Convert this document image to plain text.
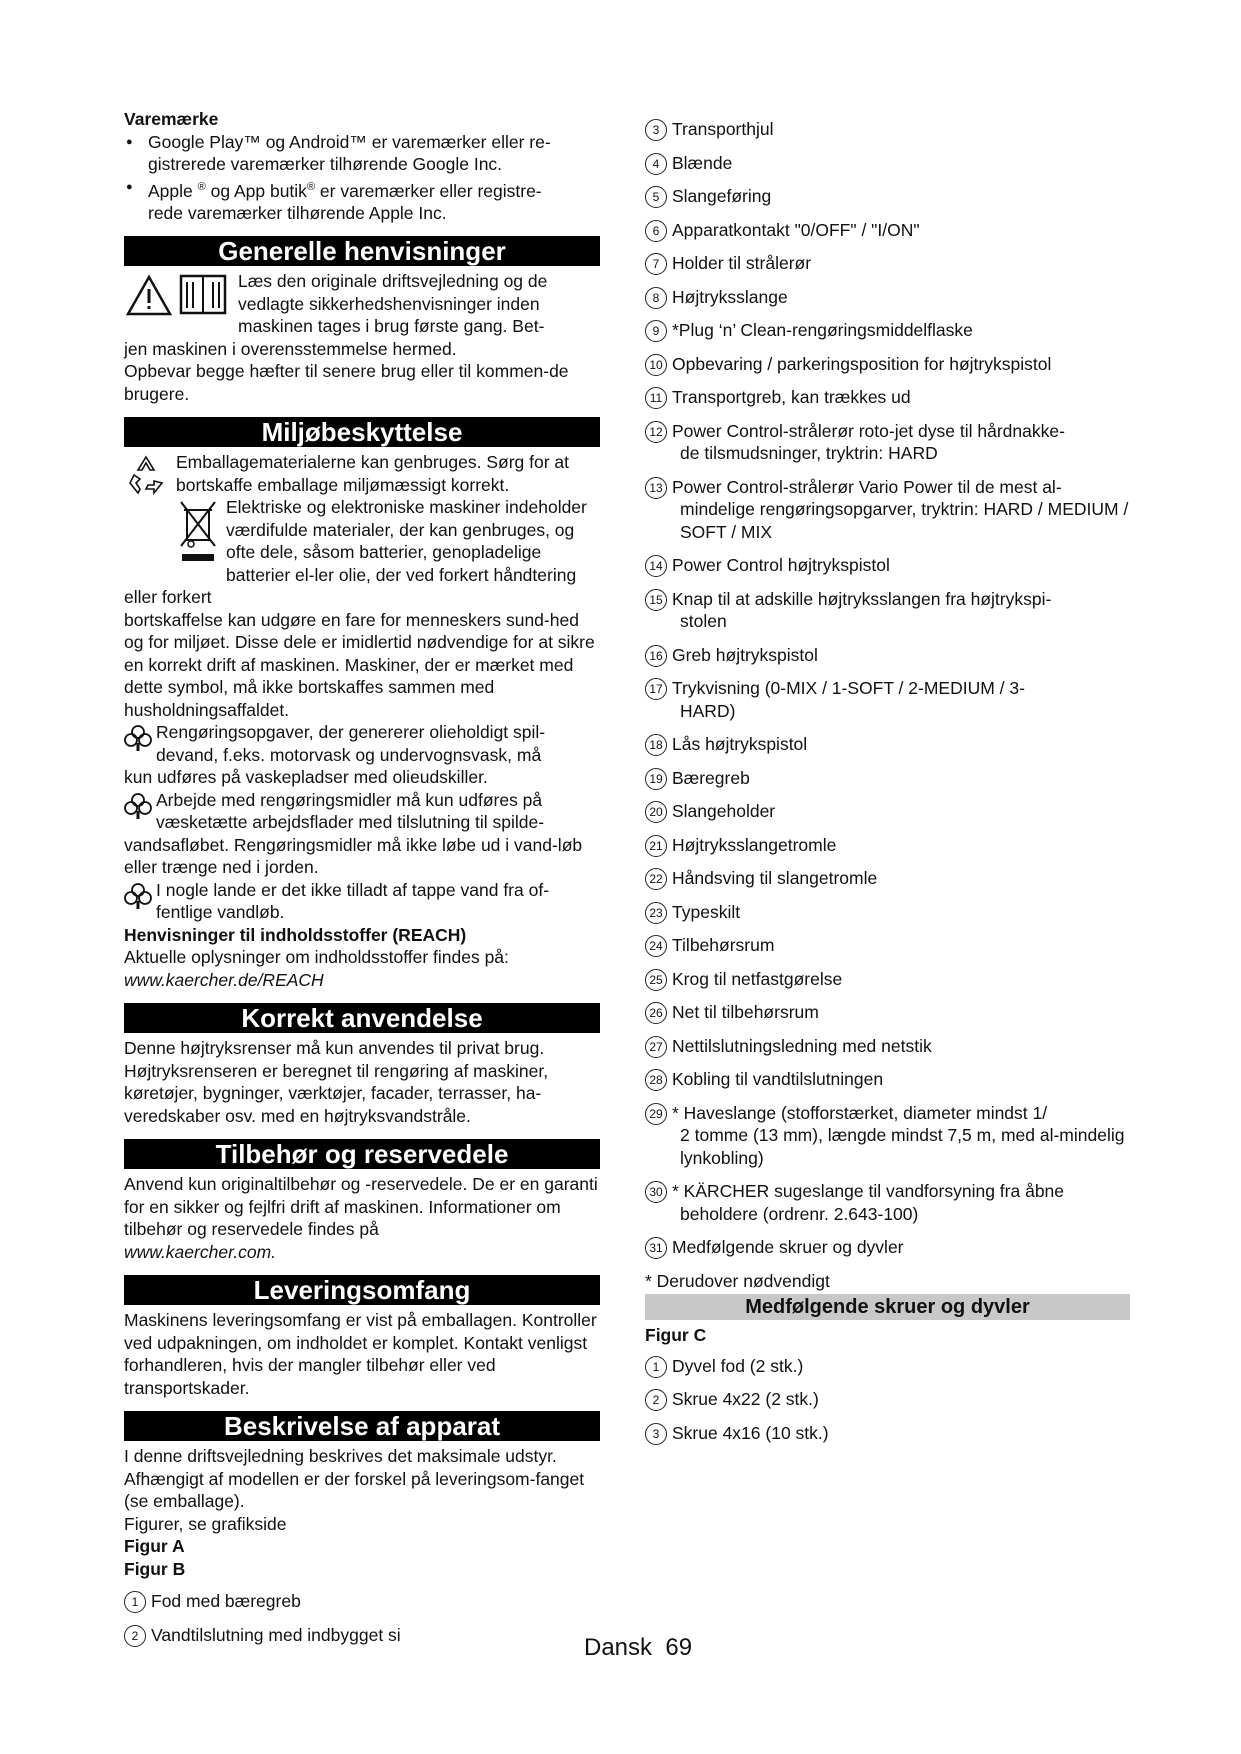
Varemærke

● Google Play™ og Android™ er varemærker eller re-
gistrerede varemærker tilhørende Google Inc.
● Apple ® og App butik® er varemærker eller registre-
rede varemærker tilhørende Apple Inc.
Generelle henvisninger

Læs den originale driftsvejledning og de vedlagte sikkerhedshenvisninger inden maskinen tages i brug første gang. Bet-

jen maskinen i overensstemmelse hermed.

Opbevar begge hæfter til senere brug eller til kommen-de brugere.

Miljøbeskyttelse

Emballagematerialerne kan genbruges. Sørg for at bortskaffe emballage miljømæssigt korrekt.

Elektriske og elektroniske maskiner indeholder værdifulde materialer, der kan genbruges, og ofte dele, såsom batterier, genopladelige batterier el-ler olie, der ved forkert håndtering eller forkert

bortskaffelse kan udgøre en fare for menneskers sund-hed og for miljøet. Disse dele er imidlertid nødvendige for at sikre en korrekt drift af maskinen. Maskiner, der er mærket med dette symbol, må ikke bortskaffes sammen med husholdningsaffaldet.

Rengøringsopgaver, der genererer olieholdigt spil-devand, f.eks. motorvask og undervognsvask, må

kun udføres på vaskepladser med olieudskiller.

Arbejde med rengøringsmidler må kun udføres på væsketætte arbejdsflader med tilslutning til spilde-

vandsafløbet. Rengøringsmidler må ikke løbe ud i vand-løb eller trænge ned i jorden.

I nogle lande er det ikke tilladt af tappe vand fra of-fentlige vandløb.

Henvisninger til indholdsstoffer (REACH)

Aktuelle oplysninger om indholdsstoffer findes på:

www.kaercher.de/REACH

Korrekt anvendelse

Denne højtryksrenser må kun anvendes til privat brug. Højtryksrenseren er beregnet til rengøring af maskiner, køretøjer, bygninger, værktøjer, facader, terrasser, ha-veredskaber osv. med en højtryksvandstråle.

Tilbehør og reservedele

Anvend kun originaltilbehør og -reservedele. De er en garanti for en sikker og fejlfri drift af maskinen. Informationer om tilbehør og reservedele findes på

www.kaercher.com.

Leveringsomfang

Maskinens leveringsomfang er vist på emballagen. Kontroller ved udpakningen, om indholdet er komplet. Kontakt venligst forhandleren, hvis der mangler tilbehør eller ved transportskader.

Beskrivelse af apparat

I denne driftsvejledning beskrives det maksimale udstyr. Afhængigt af modellen er der forskel på leveringsom-fanget (se emballage).

Figurer, se grafikside

Figur A

Figur B

1 Fod med bæregreb
2 Vandtilslutning med indbygget si
3 Transporthjul
4 Blænde
5 Slangeføring
6 Apparatkontakt "0/OFF" / "I/ON"
7 Holder til strålerør
8 Højtryksslange
9 *Plug ‘n’ Clean-rengøringsmiddelflaske
10 Opbevaring / parkeringsposition for højtrykspistol
11 Transportgreb, kan trækkes ud
12 Power Control-strålerør roto-jet dyse til hårdnakke-
de tilsmudsninger, tryktrin: HARD
13 Power Control-strålerør Vario Power til de mest al-
mindelige rengøringsopgarver, tryktrin: HARD / MEDIUM / SOFT / MIX
14 Power Control højtrykspistol
15 Knap til at adskille højtryksslangen fra højtrykspi-
stolen
16 Greb højtrykspistol
17 Trykvisning (0-MIX / 1-SOFT / 2-MEDIUM / 3-
HARD)
18 Lås højtrykspistol
19 Bæregreb
20 Slangeholder
21 Højtryksslangetromle
22 Håndsving til slangetromle
23 Typeskilt
24 Tilbehørsrum
25 Krog til netfastgørelse
26 Net til tilbehørsrum
27 Nettilslutningsledning med netstik
28 Kobling til vandtilslutningen
29 * Haveslange (stofforstærket, diameter mindst 1/
2 tomme (13 mm), længde mindst 7,5 m, med al-mindelig lynkobling)
30 * KÄRCHER sugeslange til vandforsyning fra åbne
beholdere (ordrenr. 2.643-100)
31 Medfølgende skruer og dyvler

* Derudover nødvendigt

Medfølgende skruer og dyvler

Figur C

1 Dyvel fod (2 stk.)
2 Skrue 4x22 (2 stk.)
3 Skrue 4x16 (10 stk.)
Dansk 69
